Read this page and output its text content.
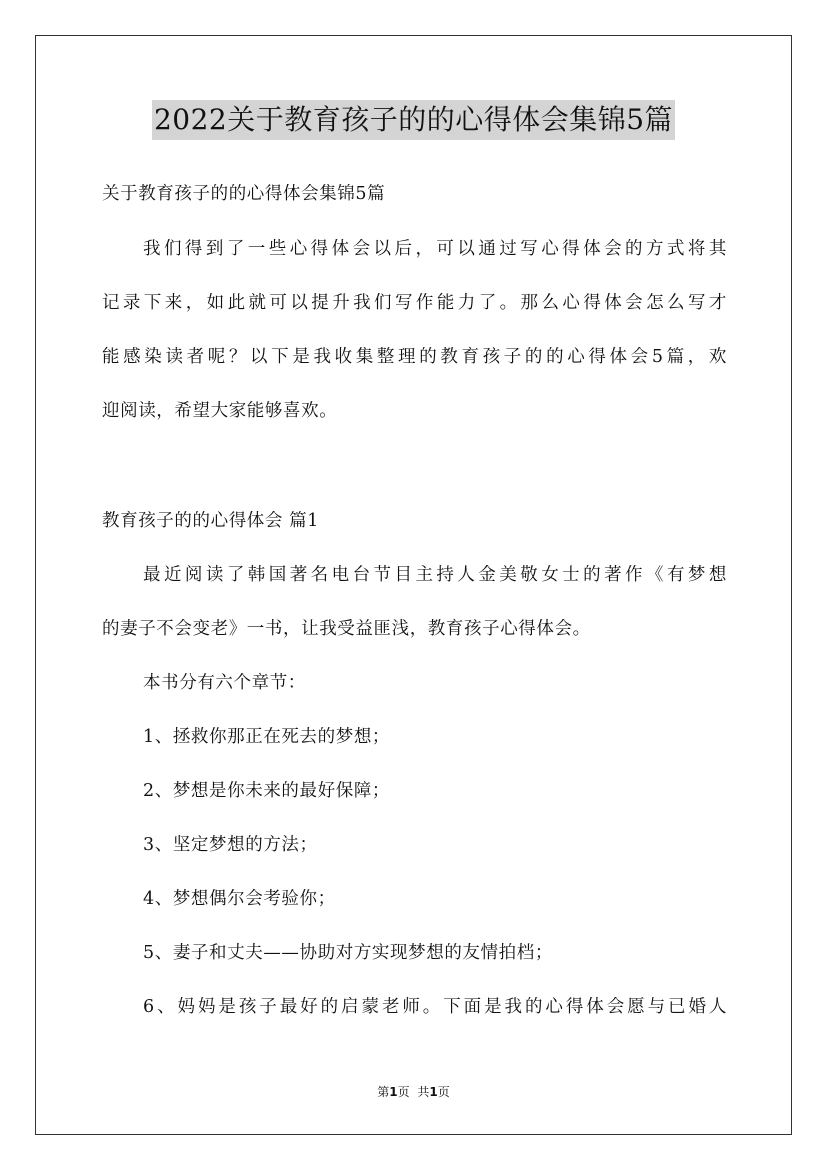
2022关于教育孩子的的心得体会集锦5篇
关于教育孩子的的心得体会集锦5篇
我们得到了一些心得体会以后，可以通过写心得体会的方式将其
记录下来，如此就可以提升我们写作能力了。那么心得体会怎么写才
能感染读者呢？以下是我收集整理的教育孩子的的心得体会5篇，欢
迎阅读，希望大家能够喜欢。
教育孩子的的心得体会 篇1
最近阅读了韩国著名电台节目主持人金美敬女士的著作《有梦想
的妻子不会变老》一书，让我受益匪浅，教育孩子心得体会。
本书分有六个章节：
1、拯救你那正在死去的梦想；
2、梦想是你未来的最好保障；
3、坚定梦想的方法；
4、梦想偶尔会考验你；
5、妻子和丈夫——协助对方实现梦想的友情拍档；
6、妈妈是孩子最好的启蒙老师。下面是我的心得体会愿与已婚人
第1页 共1页
